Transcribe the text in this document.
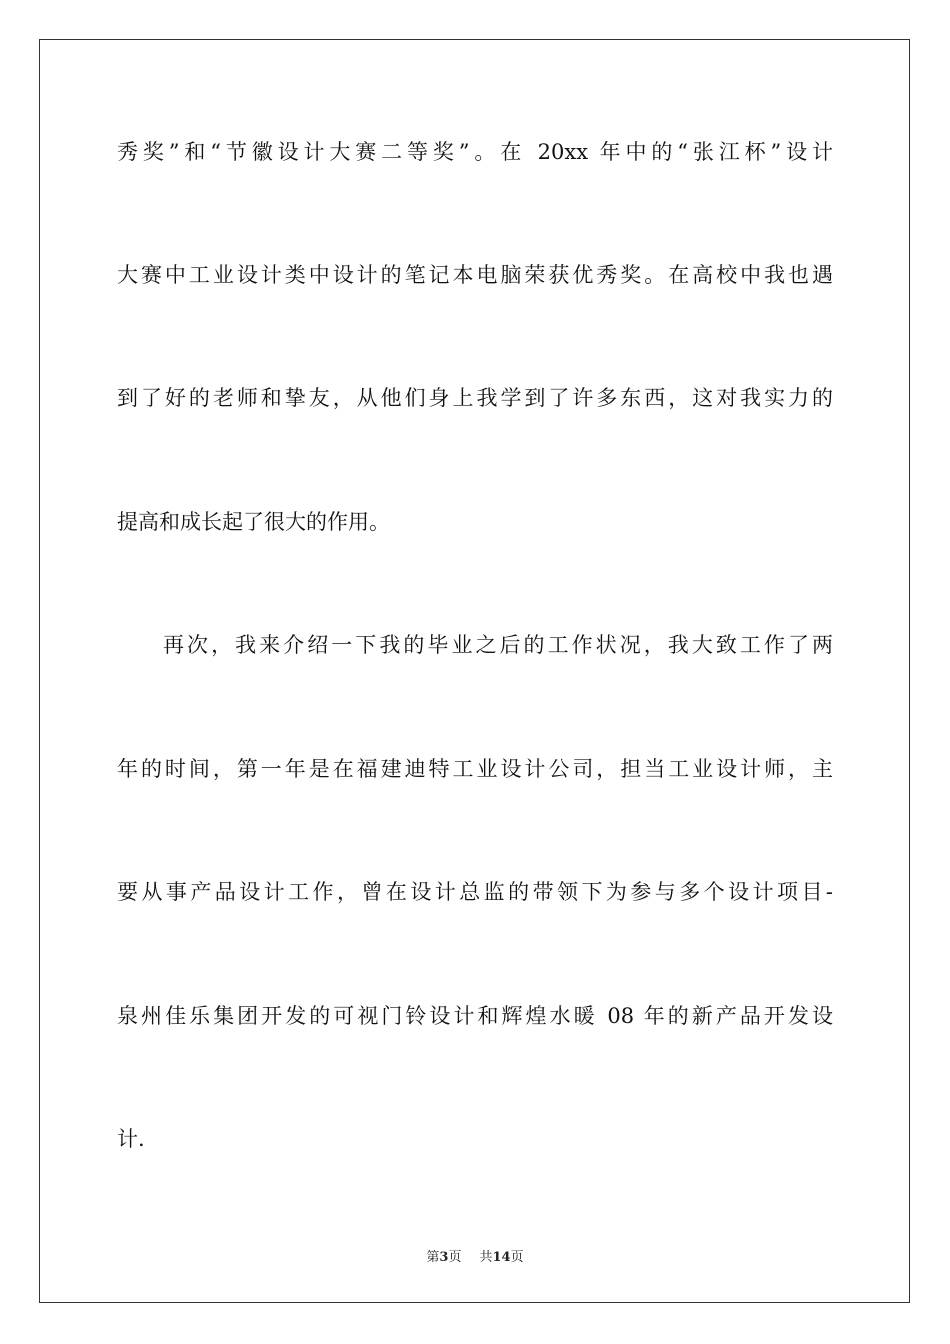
秀奖”和“节徽设计大赛二等奖”。在 20xx 年中的“张江杯”设计
大赛中工业设计类中设计的笔记本电脑荣获优秀奖。在高校中我也遇
到了好的老师和挚友，从他们身上我学到了许多东西，这对我实力的
提高和成长起了很大的作用。
再次，我来介绍一下我的毕业之后的工作状况，我大致工作了两
年的时间，第一年是在福建迪特工业设计公司，担当工业设计师，主
要从事产品设计工作，曾在设计总监的带领下为参与多个设计项目-
泉州佳乐集团开发的可视门铃设计和辉煌水暖 08 年的新产品开发设
计.
第3页 共14页
